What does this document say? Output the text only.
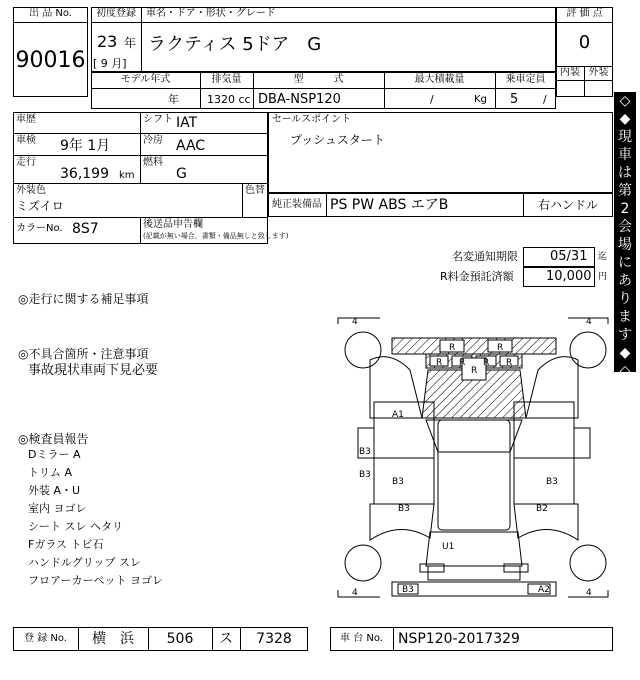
出 品 No.
90016
初度登録
23 年
[ 9 月]
車名・ドア・形状・グレード
ラクティス 5ドア　G
評 価 点
0
内装 外装
モデル年式
年
排気量
1320 cc
型　　　式
DBA-NSP120
最大積載量
/	Kg
乗車定員
5 /	◇
◆
現
車
は
第
2
会
場
に
あ
り
ま
す
◆
◇
車歴	シフト IAT
車検 9年 1月	冷房 AAC
走行
36,199 km
燃料
G
外装色
ミズイロ
色替
カラーNo. 8S7	後送品申告欄
(記載が無い場合，書類・備品無しと致します)
セールスポイント
プッシュスタート
純正装備品 PS PW ABS エアB	右ハンドル
名変通知期限 05/31 迄
R料金預託済額 10,000 円
◎走行に関する補足事項
◎不具合箇所・注意事項
事故現状車両下見必要
◎検査員報告
Dミラー A
トリム A
外装 A・U
室内 ヨゴレ
シート スレ ヘタリ
Fガラス トビ石
ハンドルグリップ スレ
フロアーカーペット ヨゴレ
4	4
4	4
R	R
R R R R
R
A1
B3
B3
B3	B3
B3	B2
U1
B3	A2
登 録 No.	横　浜	506	ス	7328	車 台 No.	NSP120-2017329
